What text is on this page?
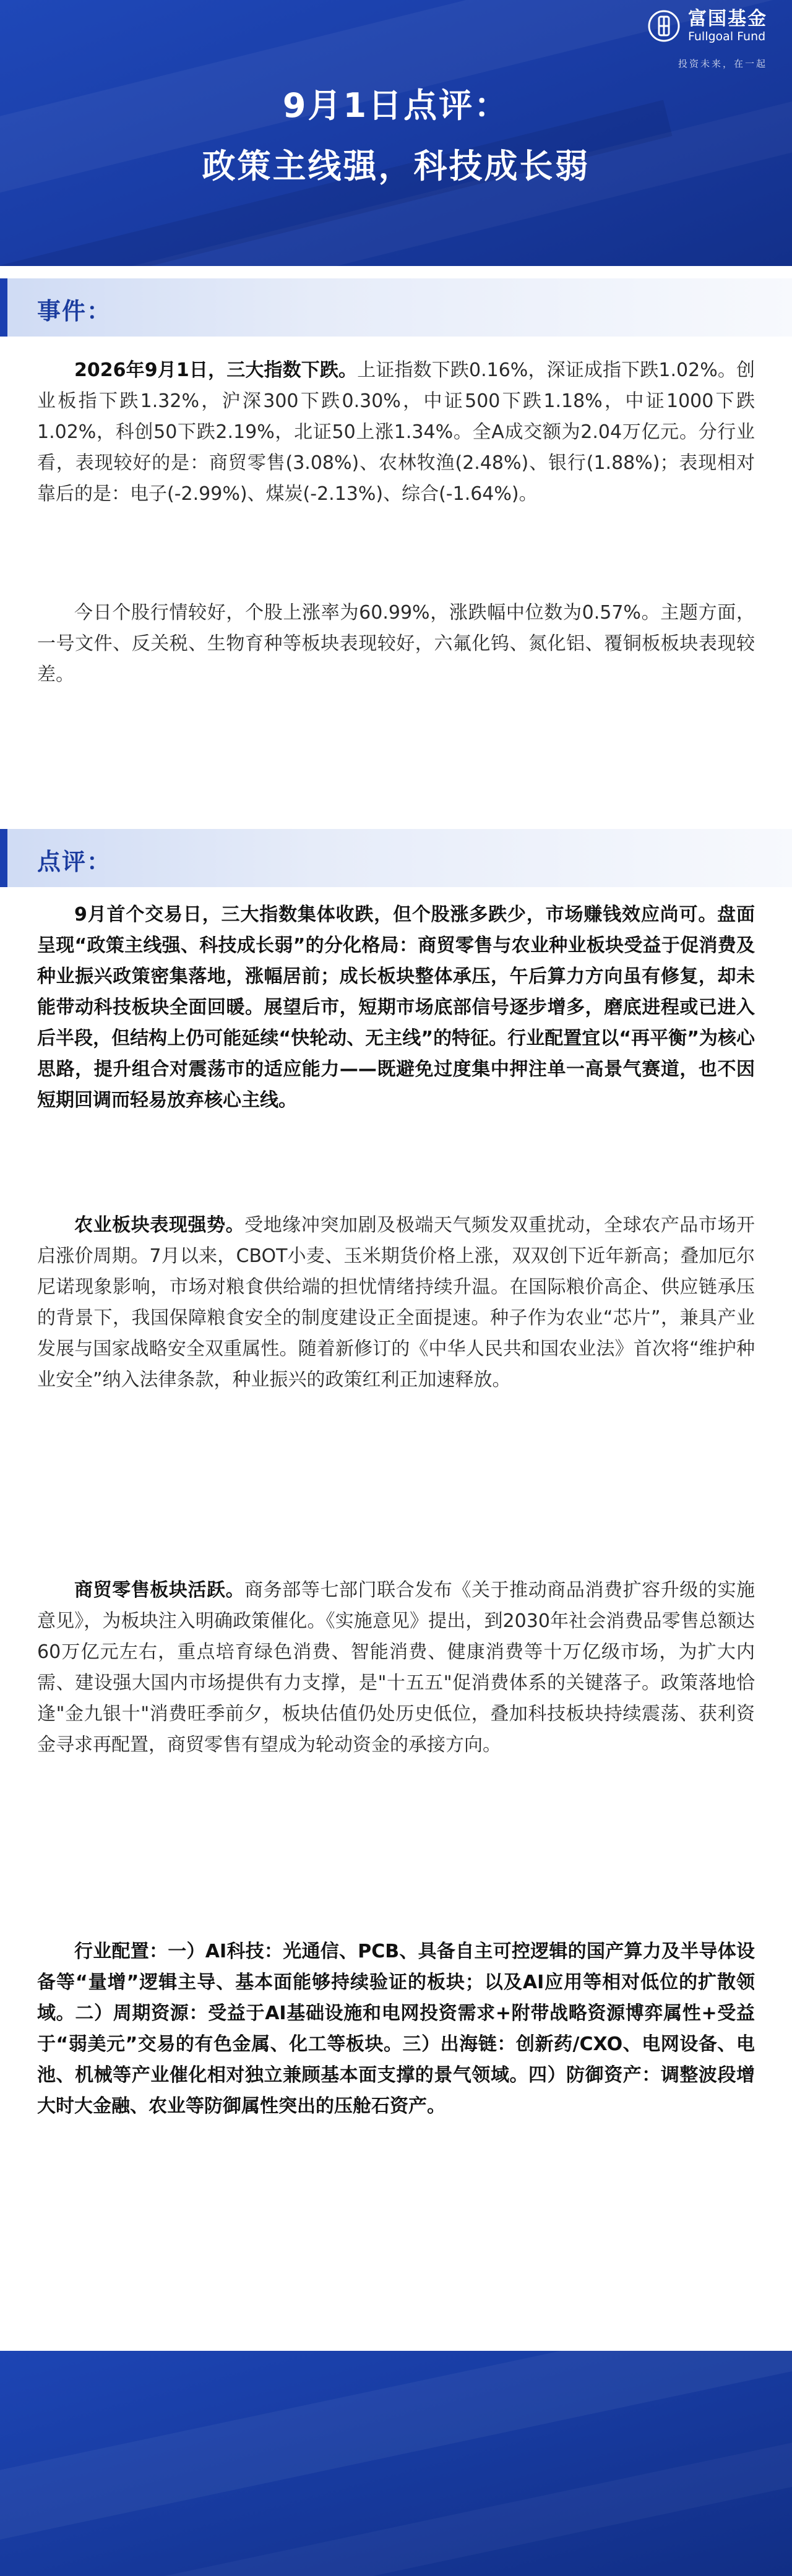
富国基金
Fullgoal Fund
投资未来，在一起
9月1日点评：
政策主线强，科技成长弱
事件：
2026年9月1日，三大指数下跌。上证指数下跌0.16%，深证成指下跌1.02%。创业板指下跌1.32%，沪深300下跌0.30%，中证500下跌1.18%，中证1000下跌1.02%，科创50下跌2.19%，北证50上涨1.34%。全A成交额为2.04万亿元。分行业看，表现较好的是：商贸零售(3.08%)、农林牧渔(2.48%)、银行(1.88%)；表现相对靠后的是：电子(-2.99%)、煤炭(-2.13%)、综合(-1.64%)。
今日个股行情较好，个股上涨率为60.99%，涨跌幅中位数为0.57%。主题方面，一号文件、反关税、生物育种等板块表现较好，六氟化钨、氮化铝、覆铜板板块表现较差。
点评：
9月首个交易日，三大指数集体收跌，但个股涨多跌少，市场赚钱效应尚可。盘面呈现“政策主线强、科技成长弱”的分化格局：商贸零售与农业种业板块受益于促消费及种业振兴政策密集落地，涨幅居前；成长板块整体承压，午后算力方向虽有修复，却未能带动科技板块全面回暖。展望后市，短期市场底部信号逐步增多，磨底进程或已进入后半段，但结构上仍可能延续“快轮动、无主线”的特征。行业配置宜以“再平衡”为核心思路，提升组合对震荡市的适应能力——既避免过度集中押注单一高景气赛道，也不因短期回调而轻易放弃核心主线。
农业板块表现强势。受地缘冲突加剧及极端天气频发双重扰动，全球农产品市场开启涨价周期。7月以来，CBOT小麦、玉米期货价格上涨，双双创下近年新高；叠加厄尔尼诺现象影响，市场对粮食供给端的担忧情绪持续升温。在国际粮价高企、供应链承压的背景下，我国保障粮食安全的制度建设正全面提速。种子作为农业“芯片”，兼具产业发展与国家战略安全双重属性。随着新修订的《中华人民共和国农业法》首次将“维护种业安全”纳入法律条款，种业振兴的政策红利正加速释放。
商贸零售板块活跃。商务部等七部门联合发布《关于推动商品消费扩容升级的实施意见》，为板块注入明确政策催化。《实施意见》提出，到2030年社会消费品零售总额达60万亿元左右，重点培育绿色消费、智能消费、健康消费等十万亿级市场，为扩大内需、建设强大国内市场提供有力支撑，是"十五五"促消费体系的关键落子。政策落地恰逢"金九银十"消费旺季前夕，板块估值仍处历史低位，叠加科技板块持续震荡、获利资金寻求再配置，商贸零售有望成为轮动资金的承接方向。
行业配置：一）AI科技：光通信、PCB、具备自主可控逻辑的国产算力及半导体设备等“量增”逻辑主导、基本面能够持续验证的板块；以及AI应用等相对低位的扩散领域。二）周期资源：受益于AI基础设施和电网投资需求+附带战略资源博弈属性+受益于“弱美元”交易的有色金属、化工等板块。三）出海链：创新药/CXO、电网设备、电池、机械等产业催化相对独立兼顾基本面支撑的景气领域。四）防御资产：调整波段增大时大金融、农业等防御属性突出的压舱石资产。
